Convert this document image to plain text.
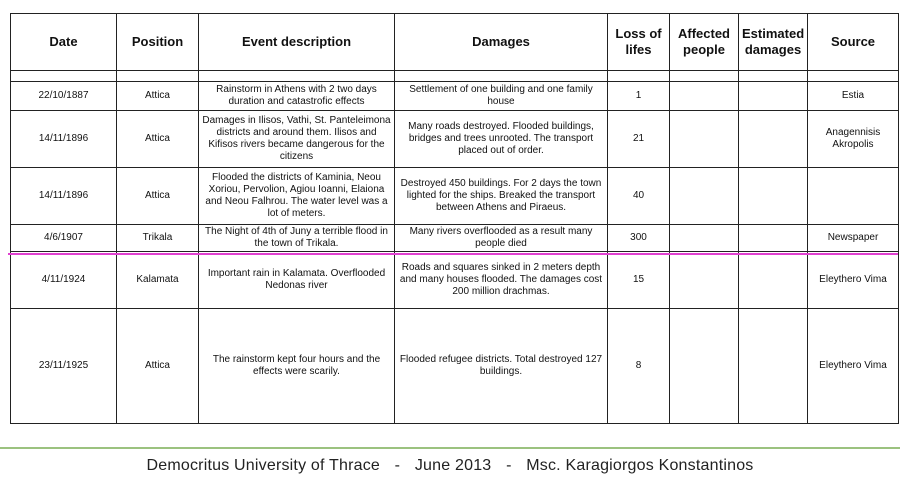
Date	Position	Event description	Damages	Loss of lifes	Affected people	Estimated damages	Source

22/10/1887	Attica	Rainstorm in Athens with 2 two days duration and catastrofic effects	Settlement of one building and one family house	1			Estia
14/11/1896	Attica	Damages in Ilisos, Vathi, St. Panteleimona districts and around them. Ilisos and Kifisos rivers became dangerous for the citizens	Many roads destroyed. Flooded buildings, bridges and trees unrooted. The transport placed out of order.	21			Anagennisis Akropolis
14/11/1896	Attica	Flooded the districts of Kaminia, Neou Xoriou, Pervolion, Agiou Ioanni, Elaiona and Neou Falhrou. The water level was a lot of meters.	Destroyed 450 buildings. For 2 days the town lighted for the ships. Breaked the transport between Athens and Piraeus.	40			
4/6/1907	Trikala	The Night of 4th of Juny a terrible flood in the town of Trikala.	Many rivers overflooded as a result many people died	300			Newspaper
4/11/1924	Kalamata	Important rain in Kalamata. Overflooded Nedonas river	Roads and squares sinked in 2 meters depth and many houses flooded. The damages cost 200 million drachmas.	15			Eleythero Vima
23/11/1925	Attica	The rainstorm kept four hours and the effects were scarily.	Flooded refugee districts. Total destroyed 127 buildings.	8			Eleythero Vima
Democritus University of Thrace - June 2013 - Msc. Karagiorgos Konstantinos
